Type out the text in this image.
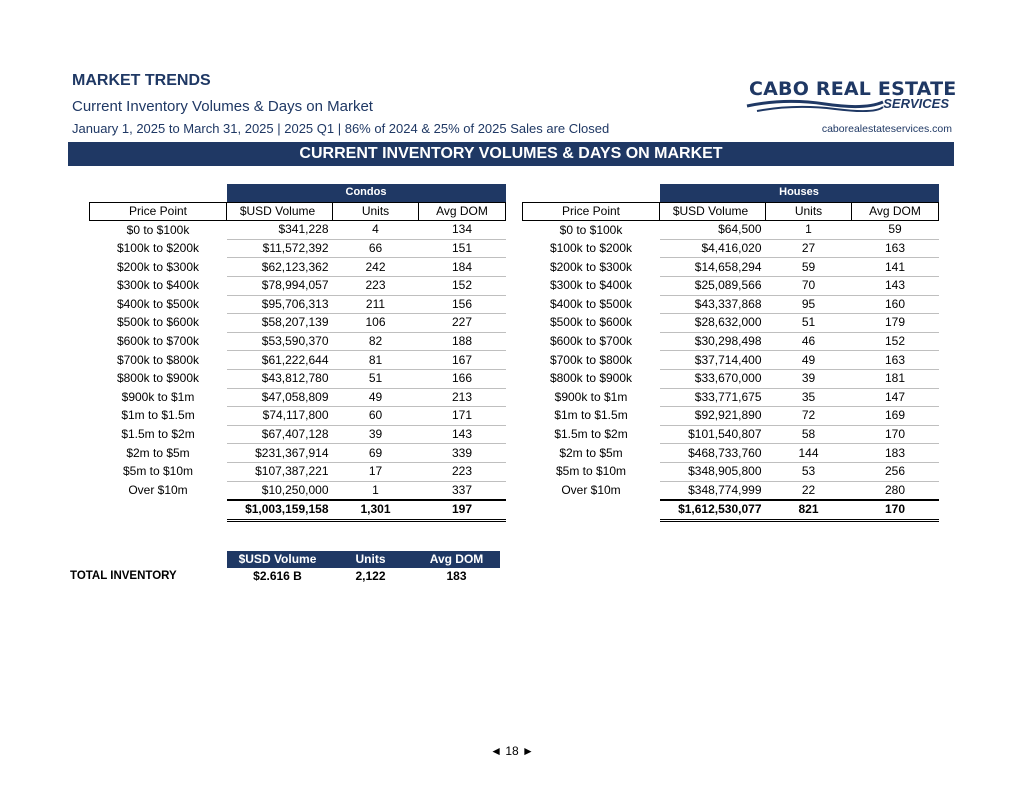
MARKET TRENDS
Current Inventory Volumes & Days on Market
January 1, 2025 to March 31, 2025 | 2025 Q1 | 86% of 2024 & 25% of 2025 Sales are Closed
CABO REAL ESTATE
SERVICES
caborealestateservices.com
CURRENT INVENTORY VOLUMES & DAYS ON MARKET
	Condos		
Price Point	$USD Volume	Units	Avg DOM
$0 to $100k	$341,228	4	134
$100k to $200k	$11,572,392	66	151
$200k to $300k	$62,123,362	242	184
$300k to $400k	$78,994,057	223	152
$400k to $500k	$95,706,313	211	156
$500k to $600k	$58,207,139	106	227
$600k to $700k	$53,590,370	82	188
$700k to $800k	$61,222,644	81	167
$800k to $900k	$43,812,780	51	166
$900k to $1m	$47,058,809	49	213
$1m to $1.5m	$74,117,800	60	171
$1.5m to $2m	$67,407,128	39	143
$2m to $5m	$231,367,914	69	339
$5m to $10m	$107,387,221	17	223
Over $10m	$10,250,000	1	337
	$1,003,159,158	1,301	197
	Houses		
Price Point	$USD Volume	Units	Avg DOM
$0 to $100k	$64,500	1	59
$100k to $200k	$4,416,020	27	163
$200k to $300k	$14,658,294	59	141
$300k to $400k	$25,089,566	70	143
$400k to $500k	$43,337,868	95	160
$500k to $600k	$28,632,000	51	179
$600k to $700k	$30,298,498	46	152
$700k to $800k	$37,714,400	49	163
$800k to $900k	$33,670,000	39	181
$900k to $1m	$33,771,675	35	147
$1m to $1.5m	$92,921,890	72	169
$1.5m to $2m	$101,540,807	58	170
$2m to $5m	$468,733,760	144	183
$5m to $10m	$348,905,800	53	256
Over $10m	$348,774,999	22	280
	$1,612,530,077	821	170
	$USD Volume	Units	Avg DOM
TOTAL INVENTORY	$2.616 B	2,122	183
◄ 18 ►
